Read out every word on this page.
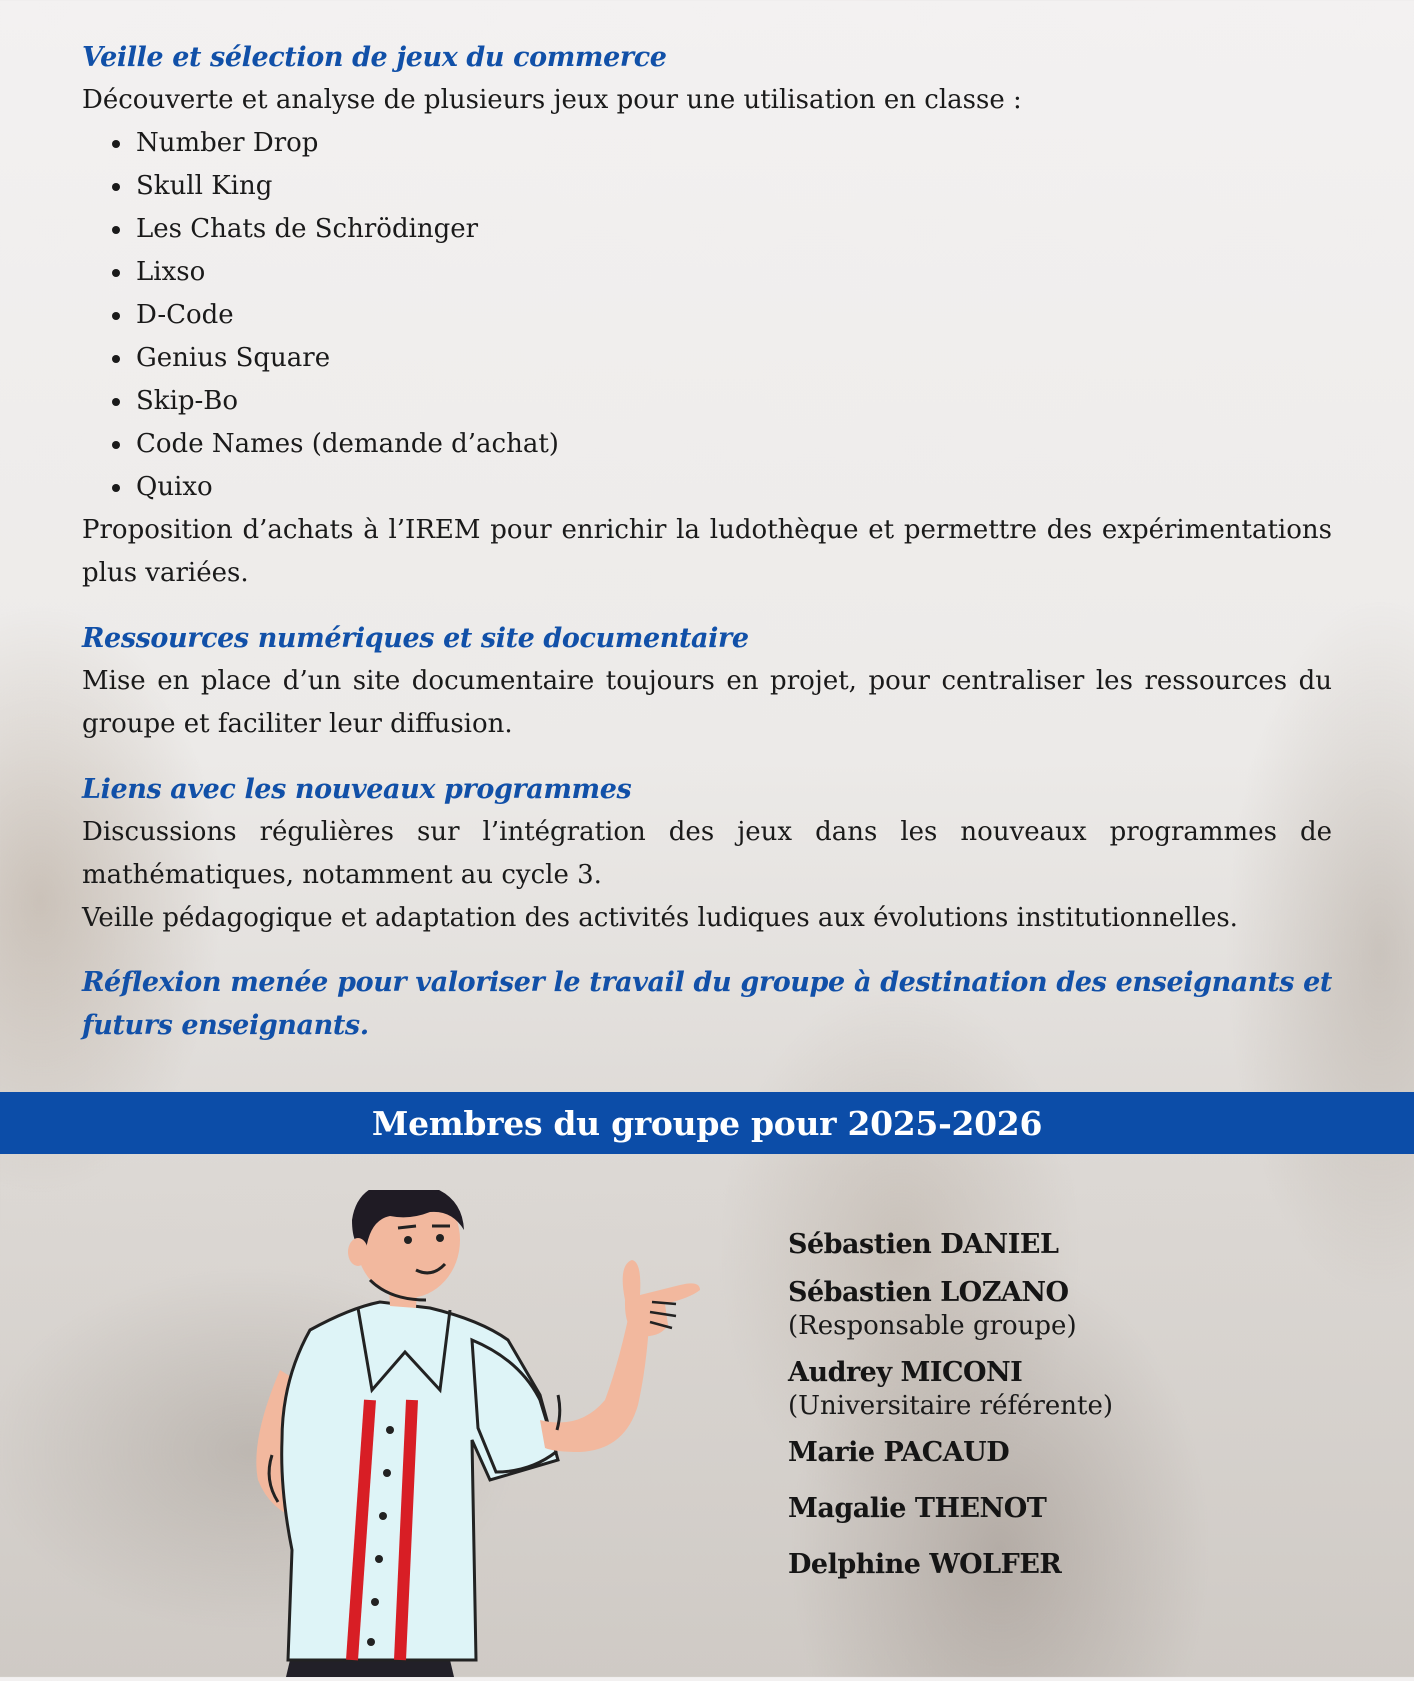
Veille et sélection de jeux du commerce

Découverte et analyse de plusieurs jeux pour une utilisation en classe :

• Number Drop
• Skull King
• Les Chats de Schrödinger
• Lixso
• D-Code
• Genius Square
• Skip-Bo
• Code Names (demande d’achat)
• Quixo

Proposition d’achats à l’IREM pour enrichir la ludothèque et permettre des expérimentations plus variées.

Ressources numériques et site documentaire

Mise en place d’un site documentaire toujours en projet, pour centraliser les ressources du groupe et faciliter leur diffusion.

Liens avec les nouveaux programmes

Discussions régulières sur l’intégration des jeux dans les nouveaux programmes de mathématiques, notamment au cycle 3.

Veille pédagogique et adaptation des activités ludiques aux évolutions institutionnelles.

Réflexion menée pour valoriser le travail du groupe à destination des enseignants et futurs enseignants.

Membres du groupe pour 2025-2026
Sébastien DANIEL
Sébastien LOZANO
(Responsable groupe)
Audrey MICONI
(Universitaire référente)
Marie PACAUD
Magalie THENOT
Delphine WOLFER
